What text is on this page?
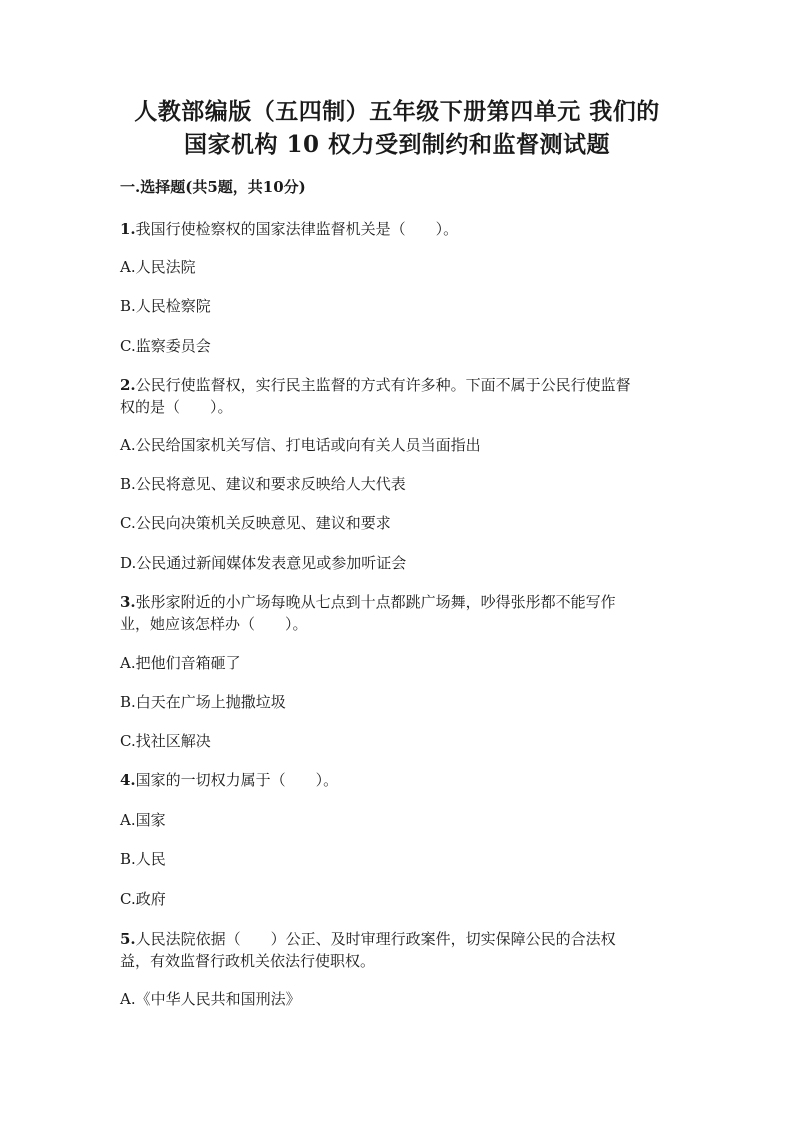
人教部编版（五四制）五年级下册第四单元 我们的
国家机构 10 权力受到制约和监督测试题
一.选择题(共5题，共10分)
1.我国行使检察权的国家法律监督机关是（　　）。
A.人民法院
B.人民检察院
C.监察委员会
2.公民行使监督权，实行民主监督的方式有许多种。下面不属于公民行使监督
权的是（　　）。
A.公民给国家机关写信、打电话或向有关人员当面指出
B.公民将意见、建议和要求反映给人大代表
C.公民向决策机关反映意见、建议和要求
D.公民通过新闻媒体发表意见或参加听证会
3.张彤家附近的小广场每晚从七点到十点都跳广场舞，吵得张彤都不能写作
业，她应该怎样办（　　）。
A.把他们音箱砸了
B.白天在广场上抛撒垃圾
C.找社区解决
4.国家的一切权力属于（　　）。
A.国家
B.人民
C.政府
5.人民法院依据（　　）公正、及时审理行政案件，切实保障公民的合法权
益，有效监督行政机关依法行使职权。
A.《中华人民共和国刑法》
